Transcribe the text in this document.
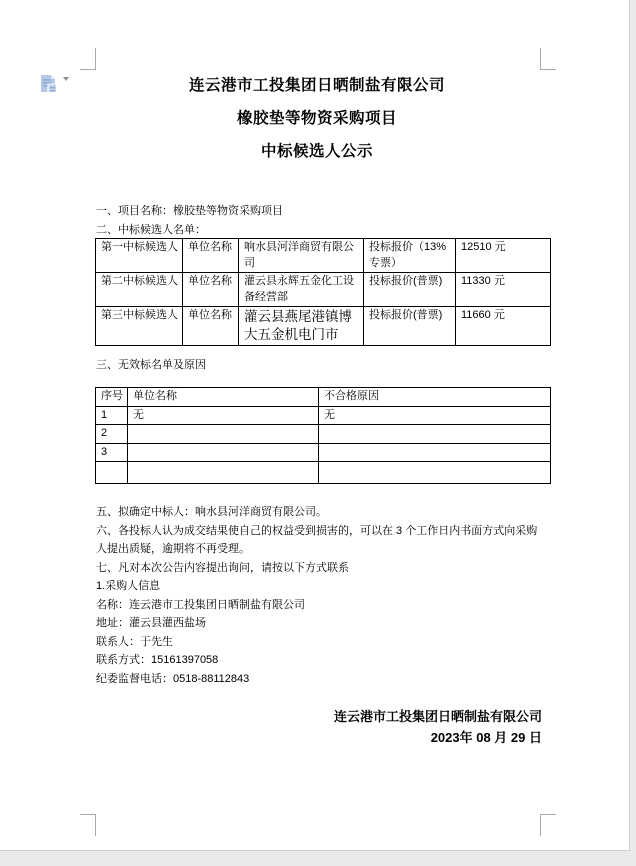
连云港市工投集团日晒制盐有限公司
橡胶垫等物资采购项目
中标候选人公示
一、项目名称：橡胶垫等物资采购项目
二、中标候选人名单：
第一中标候选人	单位名称	响水县河洋商贸有限公司	投标报价（13%专票）	12510 元
第二中标候选人	单位名称	灌云县永辉五金化工设备经营部	投标报价(普票)	11330 元
第三中标候选人	单位名称	灌云县燕尾港镇博大五金机电门市	投标报价(普票)	11660 元
三、无效标名单及原因
序号	单位名称	不合格原因
1	无	无
2		
3		

五、拟确定中标人：响水县河洋商贸有限公司。
六、各投标人认为成交结果使自己的权益受到损害的，可以在 3 个工作日内书面方式向采购人提出质疑，逾期将不再受理。
七、凡对本次公告内容提出询问，请按以下方式联系
1.采购人信息
名称：连云港市工投集团日晒制盐有限公司
地址：灌云县灌西盐场
联系人：于先生
联系方式：15161397058
纪委监督电话：0518-88112843
连云港市工投集团日晒制盐有限公司
2023年 08 月 29 日
